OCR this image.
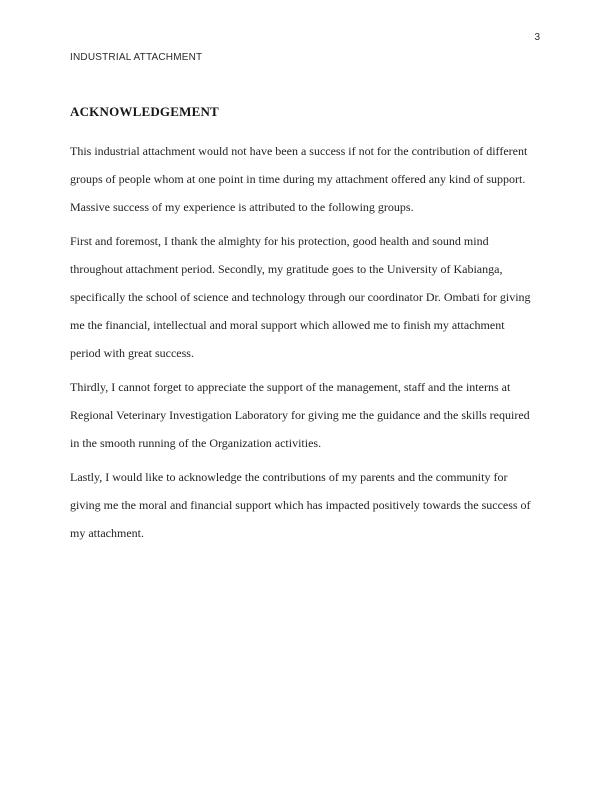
3
INDUSTRIAL ATTACHMENT
ACKNOWLEDGEMENT

This industrial attachment would not have been a success if not for the contribution of different
groups of people whom at one point in time during my attachment offered any kind of support.
Massive success of my experience is attributed to the following groups.

First and foremost, I thank the almighty for his protection, good health and sound mind
throughout attachment period. Secondly, my gratitude goes to the University of Kabianga,
specifically the school of science and technology through our coordinator Dr. Ombati for giving
me the financial, intellectual and moral support which allowed me to finish my attachment
period with great success.

Thirdly, I cannot forget to appreciate the support of the management, staff and the interns at
Regional Veterinary Investigation Laboratory for giving me the guidance and the skills required
in the smooth running of the Organization activities.

Lastly, I would like to acknowledge the contributions of my parents and the community for
giving me the moral and financial support which has impacted positively towards the success of
my attachment.
